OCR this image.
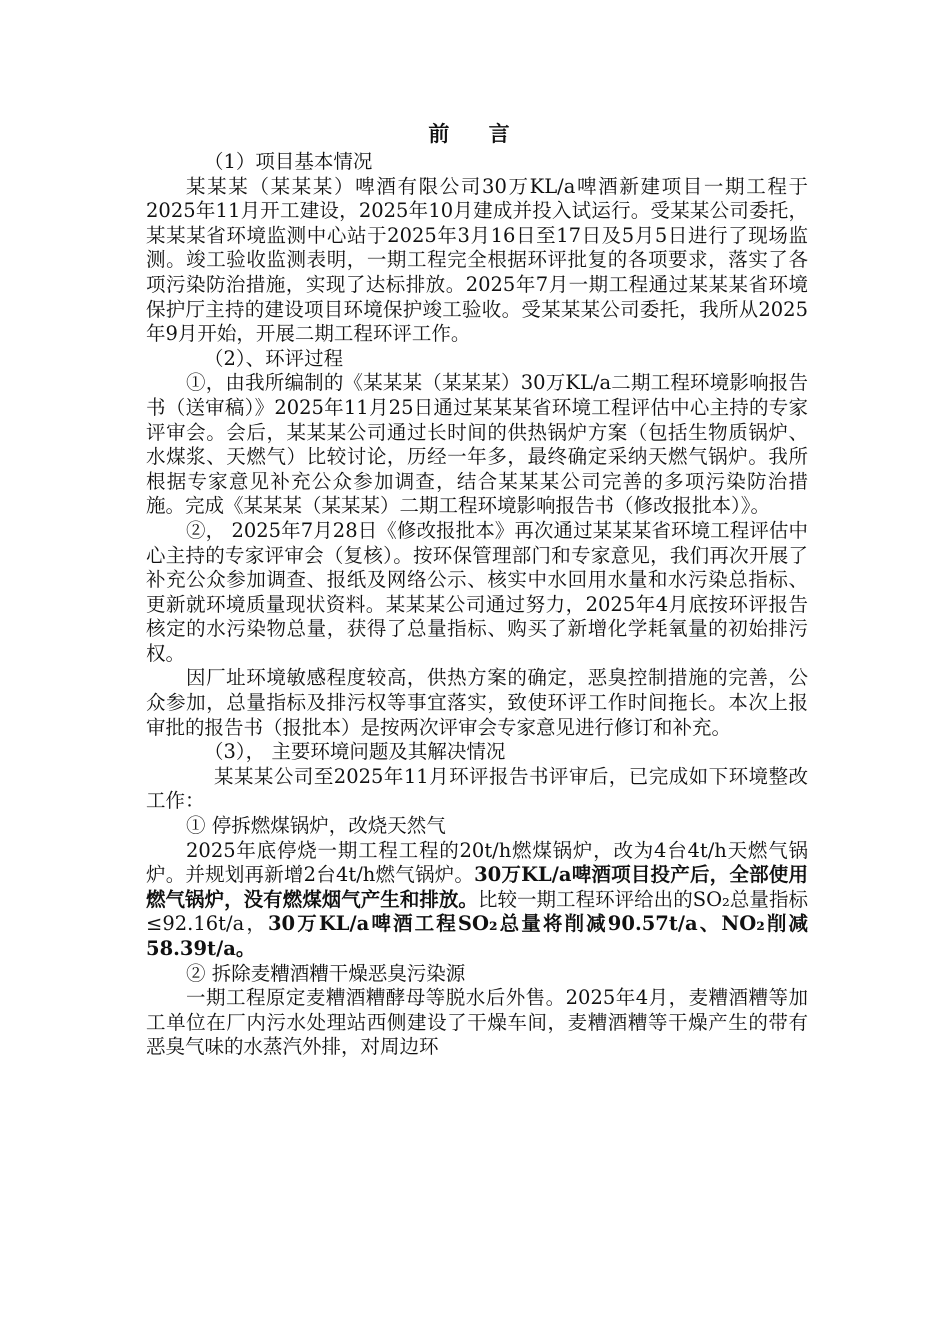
前 言

（1）项目基本情况

某某某（某某某）啤酒有限公司30万KL/a啤酒新建项目一期工程于2025年11月开工建设，2025年10月建成并投入试运行。受某某公司委托，某某某省环境监测中心站于2025年3月16日至17日及5月5日进行了现场监测。竣工验收监测表明，一期工程完全根据环评批复的各项要求，落实了各项污染防治措施，实现了达标排放。2025年7月一期工程通过某某某省环境保护厅主持的建设项目环境保护竣工验收。受某某某公司委托，我所从2025年9月开始，开展二期工程环评工作。

（2）、环评过程

①，由我所编制的《某某某（某某某）30万KL/a二期工程环境影响报告书（送审稿）》2025年11月25日通过某某某省环境工程评估中心主持的专家评审会。会后，某某某公司通过长时间的供热锅炉方案（包括生物质锅炉、水煤浆、天燃气）比较讨论，历经一年多，最终确定采纳天燃气锅炉。我所根据专家意见补充公众参加调查，结合某某某公司完善的多项污染防治措施。完成《某某某（某某某）二期工程环境影响报告书（修改报批本）》。

②， 2025年7月28日《修改报批本》再次通过某某某省环境工程评估中心主持的专家评审会（复核）。按环保管理部门和专家意见，我们再次开展了补充公众参加调查、报纸及网络公示、核实中水回用水量和水污染总指标、更新就环境质量现状资料。某某某公司通过努力，2025年4月底按环评报告核定的水污染物总量，获得了总量指标、购买了新增化学耗氧量的初始排污权。

因厂址环境敏感程度较高，供热方案的确定，恶臭控制措施的完善，公众参加，总量指标及排污权等事宜落实，致使环评工作时间拖长。本次上报审批的报告书（报批本）是按两次评审会专家意见进行修订和补充。

（3）， 主要环境问题及其解决情况

某某某公司至2025年11月环评报告书评审后，已完成如下环境整改工作：

① 停拆燃煤锅炉，改烧天然气

2025年底停烧一期工程工程的20t/h燃煤锅炉，改为4台4t/h天燃气锅炉。并规划再新增2台4t/h燃气锅炉。30万KL/a啤酒项目投产后，全部使用燃气锅炉，没有燃煤烟气产生和排放。比较一期工程环评给出的SO₂总量指标≤92.16t/a，30万KL/a啤酒工程SO₂总量将削减90.57t/a、NO₂削减58.39t/a。

② 拆除麦糟酒糟干燥恶臭污染源

一期工程原定麦糟酒糟酵母等脱水后外售。2025年4月，麦糟酒糟等加工单位在厂内污水处理站西侧建设了干燥车间，麦糟酒糟等干燥产生的带有恶臭气味的水蒸汽外排，对周边环
